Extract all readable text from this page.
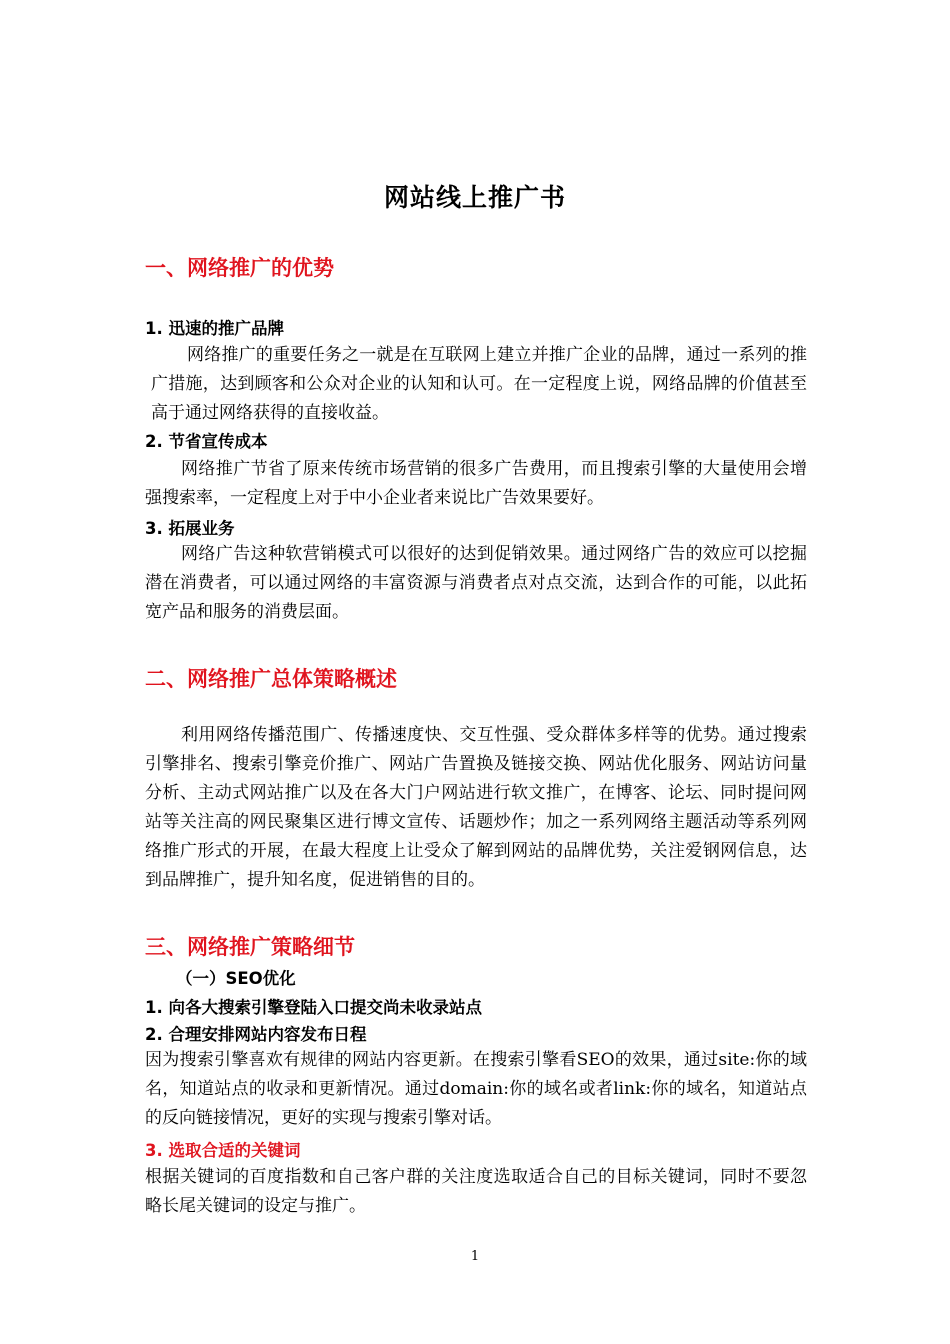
网站线上推广书
一、网络推广的优势
1. 迅速的推广品牌
网络推广的重要任务之一就是在互联网上建立并推广企业的品牌，通过一系列的推广措施，达到顾客和公众对企业的认知和认可。在一定程度上说，网络品牌的价值甚至高于通过网络获得的直接收益。
2. 节省宣传成本
网络推广节省了原来传统市场营销的很多广告费用，而且搜索引擎的大量使用会增强搜索率，一定程度上对于中小企业者来说比广告效果要好。
3. 拓展业务
网络广告这种软营销模式可以很好的达到促销效果。通过网络广告的效应可以挖掘潜在消费者，可以通过网络的丰富资源与消费者点对点交流，达到合作的可能，以此拓宽产品和服务的消费层面。
二、网络推广总体策略概述
利用网络传播范围广、传播速度快、交互性强、受众群体多样等的优势。通过搜索引擎排名、搜索引擎竞价推广、网站广告置换及链接交换、网站优化服务、网站访问量分析、主动式网站推广以及在各大门户网站进行软文推广，在博客、论坛、同时提问网站等关注高的网民聚集区进行博文宣传、话题炒作；加之一系列网络主题活动等系列网络推广形式的开展，在最大程度上让受众了解到网站的品牌优势，关注爱钢网信息，达到品牌推广，提升知名度，促进销售的目的。
三、网络推广策略细节
（一）SEO优化
1. 向各大搜索引擎登陆入口提交尚未收录站点
2. 合理安排网站内容发布日程
因为搜索引擎喜欢有规律的网站内容更新。在搜索引擎看SEO的效果，通过site:你的域名，知道站点的收录和更新情况。通过domain:你的域名或者link:你的域名，知道站点的反向链接情况，更好的实现与搜索引擎对话。
3. 选取合适的关键词
根据关键词的百度指数和自己客户群的关注度选取适合自己的目标关键词，同时不要忽略长尾关键词的设定与推广。
1
